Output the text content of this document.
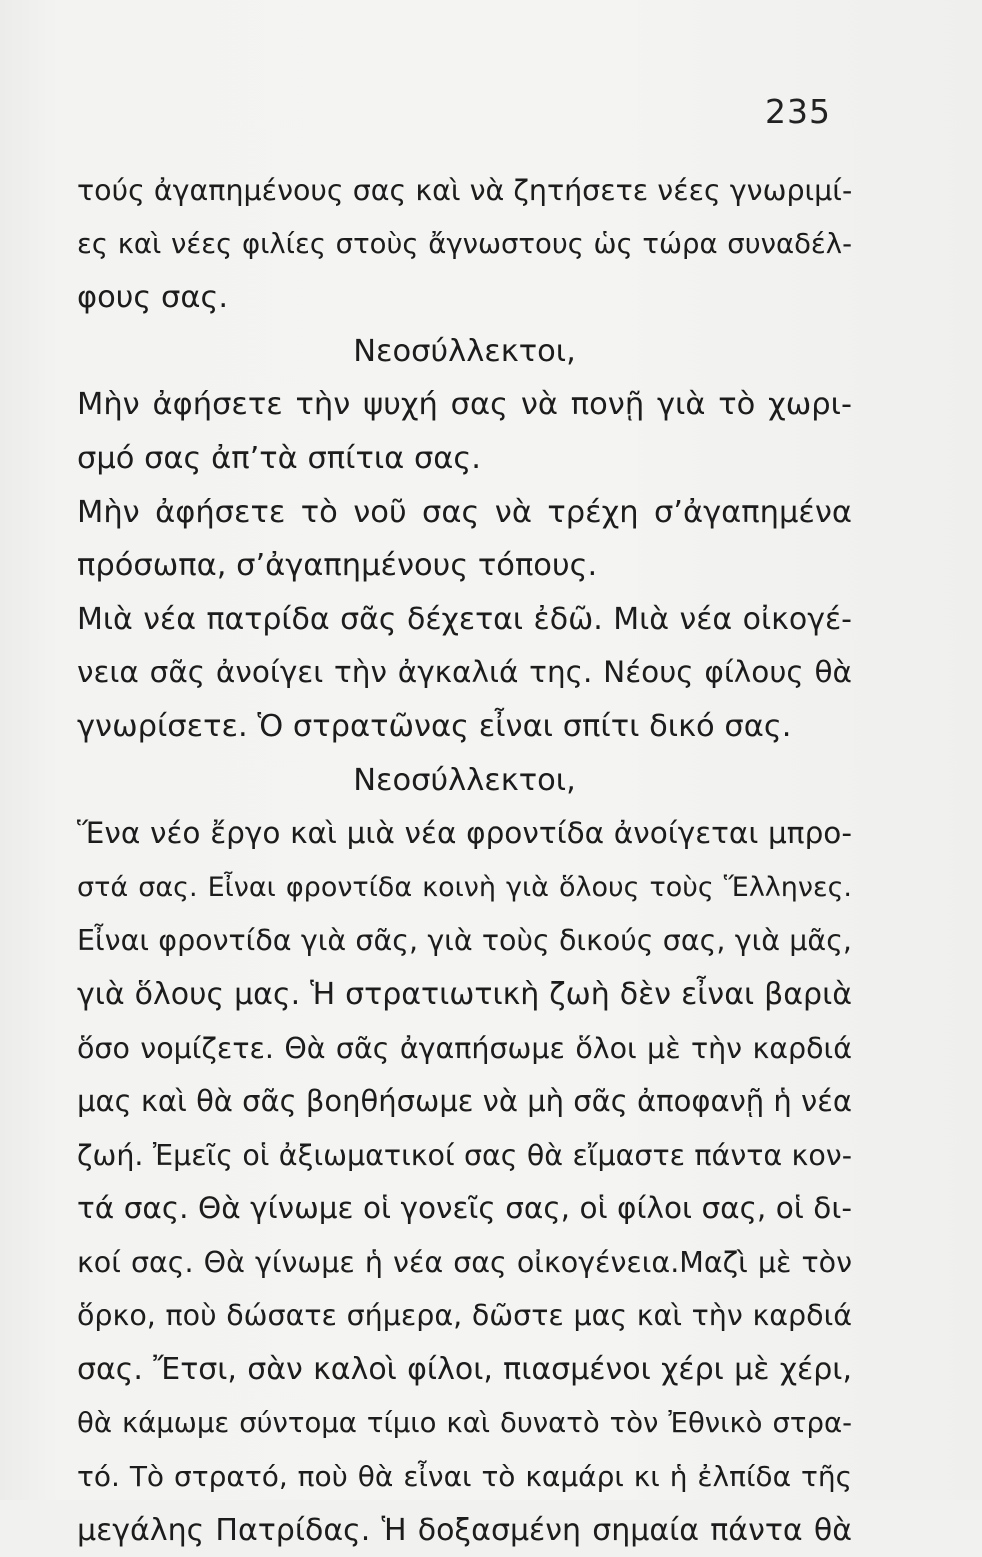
235
τούς ἀγαπημένους σας καὶ νὰ ζητήσετε νέες γνωριμί-
ες καὶ νέες φιλίες στοὺς ἄγνωστους ὡς τώρα συναδέλ-
φους σας.
Νεοσύλλεκτοι,
Μὴν ἀφήσετε τὴν ψυχή σας νὰ πονῇ γιὰ τὸ χωρι-
σμό σας ἀπ’τὰ σπίτια σας.
Μὴν ἀφήσετε τὸ νοῦ σας νὰ τρέχη σ’ἀγαπημένα
πρόσωπα, σ’ἀγαπημένους τόπους.
Μιὰ νέα πατρίδα σᾶς δέχεται ἐδῶ. Μιὰ νέα οἰκογέ-
νεια σᾶς ἀνοίγει τὴν ἀγκαλιά της. Νέους φίλους θὰ
γνωρίσετε. Ὁ στρατῶνας εἶναι σπίτι δικό σας.
Νεοσύλλεκτοι,
Ἕνα νέο ἔργο καὶ μιὰ νέα φροντίδα ἀνοίγεται μπρο-
στά σας. Εἶναι φροντίδα κοινὴ γιὰ ὅλους τοὺς Ἕλληνες.
Εἶναι φροντίδα γιὰ σᾶς, γιὰ τοὺς δικούς σας, γιὰ μᾶς,
γιὰ ὅλους μας. Ἡ στρατιωτικὴ ζωὴ δὲν εἶναι βαριὰ
ὅσο νομίζετε. Θὰ σᾶς ἀγαπήσωμε ὅλοι μὲ τὴν καρδιά
μας καὶ θὰ σᾶς βοηθήσωμε νὰ μὴ σᾶς ἀποφανῇ ἡ νέα
ζωή. Ἐμεῖς οἱ ἀξιωματικοί σας θὰ εἴμαστε πάντα κον-
τά σας. Θὰ γίνωμε οἱ γονεῖς σας, οἱ φίλοι σας, οἱ δι-
κοί σας. Θὰ γίνωμε ἡ νέα σας οἰκογένεια.Μαζὶ μὲ τὸν
ὅρκο, ποὺ δώσατε σήμερα, δῶστε μας καὶ τὴν καρδιά
σας. Ἔτσι, σὰν καλοὶ φίλοι, πιασμένοι χέρι μὲ χέρι,
θὰ κάμωμε σύντομα τίμιο καὶ δυνατὸ τὸν Ἐθνικὸ στρα-
τό. Τὸ στρατό, ποὺ θὰ εἶναι τὸ καμάρι κι ἡ ἐλπίδα τῆς
μεγάλης Πατρίδας. Ἡ δοξασμένη σημαία πάντα θὰ
